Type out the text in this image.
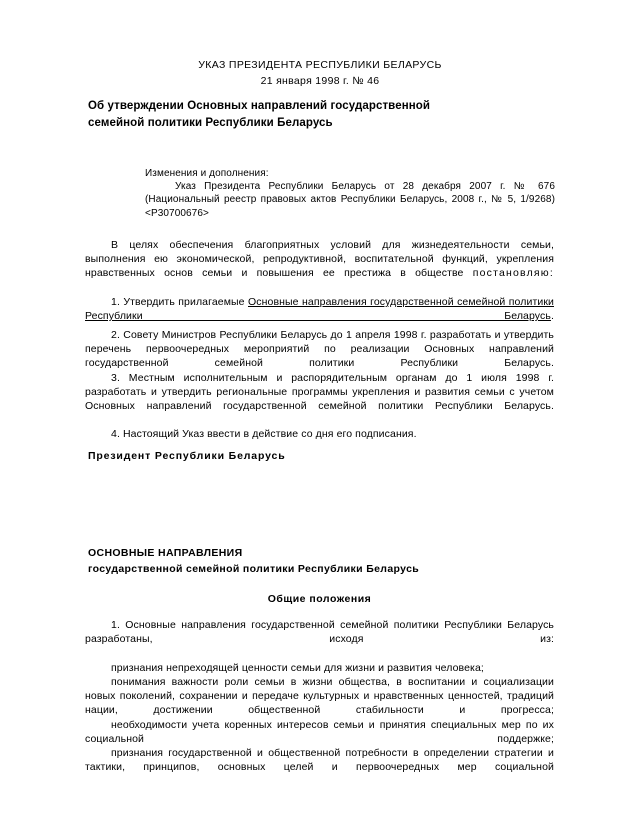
УКАЗ ПРЕЗИДЕНТА РЕСПУБЛИКИ БЕЛАРУСЬ
21 января 1998 г. № 46
Об утверждении Основных направлений государственной семейной политики Республики Беларусь
Изменения и дополнения:
Указ Президента Республики Беларусь от 28 декабря 2007 г. № 676 (Национальный реестр правовых актов Республики Беларусь, 2008 г., № 5, 1/9268) <Р30700676>

В целях обеспечения благоприятных условий для жизнедеятельности семьи, выполнения ею экономической, репродуктивной, воспитательной функций, укрепления нравственных основ семьи и повышения ее престижа в обществе постановляю:

1. Утвердить прилагаемые Основные направления государственной семейной политики Республики Беларусь.

2. Совету Министров Республики Беларусь до 1 апреля 1998 г. разработать и утвердить перечень первоочередных мероприятий по реализации Основных направлений государственной семейной политики Республики Беларусь.

3. Местным исполнительным и распорядительным органам до 1 июля 1998 г. разработать и утвердить региональные программы укрепления и развития семьи с учетом Основных направлений государственной семейной политики Республики Беларусь.

4. Настоящий Указ ввести в действие со дня его подписания.

Президент Республики Беларусь
ОСНОВНЫЕ НАПРАВЛЕНИЯ
государственной семейной политики Республики Беларусь
Общие положения

1. Основные направления государственной семейной политики Республики Беларусь разработаны, исходя из:

признания непреходящей ценности семьи для жизни и развития человека;

понимания важности роли семьи в жизни общества, в воспитании и социализации новых поколений, сохранении и передаче культурных и нравственных ценностей, традиций нации, достижении общественной стабильности и прогресса;

необходимости учета коренных интересов семьи и принятия специальных мер по их социальной поддержке;

признания государственной и общественной потребности в определении стратегии и тактики, принципов, основных целей и первоочередных мер социальной
